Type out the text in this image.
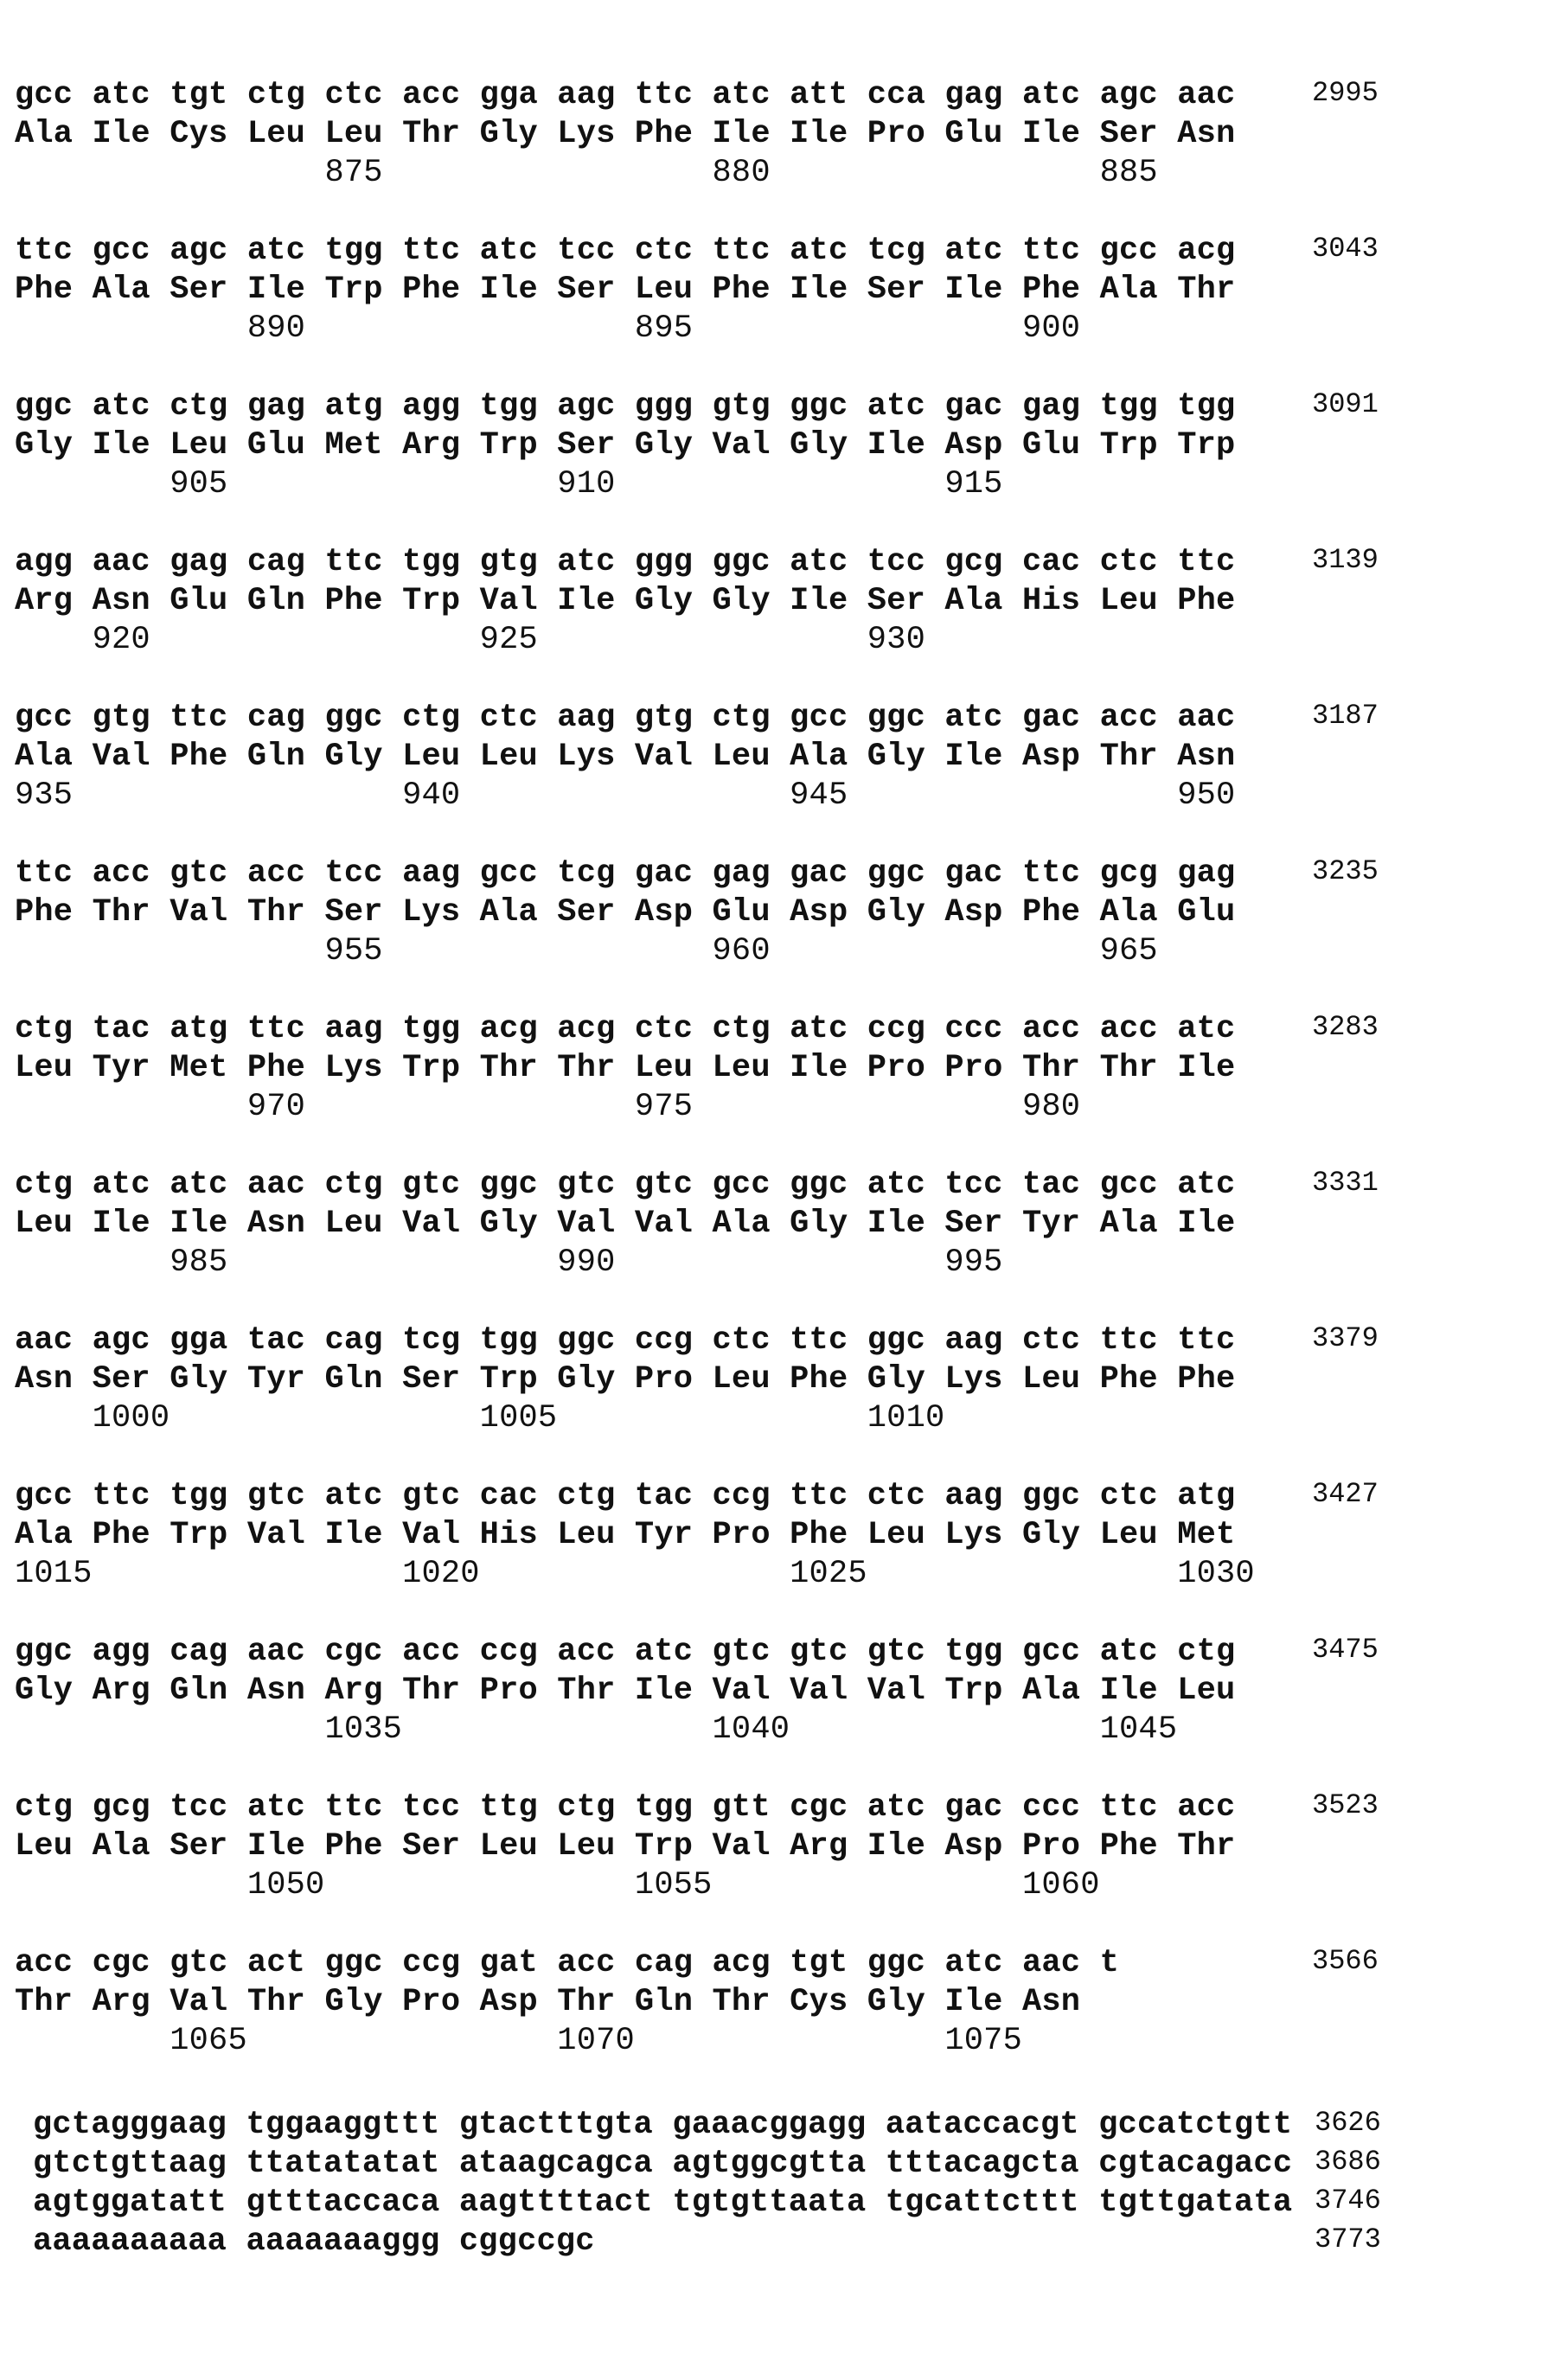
gcc atc tgt ctg ctc acc gga aag ttc atc att cca gag atc agc aac
Ala Ile Cys Leu Leu Thr Gly Lys Phe Ile Ile Pro Glu Ile Ser Asn
875                 880                 885
2995
ttc gcc agc atc tgg ttc atc tcc ctc ttc atc tcg atc ttc gcc acg
Phe Ala Ser Ile Trp Phe Ile Ser Leu Phe Ile Ser Ile Phe Ala Thr
890                 895                 900
3043
ggc atc ctg gag atg agg tgg agc ggg gtg ggc atc gac gag tgg tgg
Gly Ile Leu Glu Met Arg Trp Ser Gly Val Gly Ile Asp Glu Trp Trp
905                 910                 915
3091
agg aac gag cag ttc tgg gtg atc ggg ggc atc tcc gcg cac ctc ttc
Arg Asn Glu Gln Phe Trp Val Ile Gly Gly Ile Ser Ala His Leu Phe
920                 925                 930
3139
gcc gtg ttc cag ggc ctg ctc aag gtg ctg gcc ggc atc gac acc aac
Ala Val Phe Gln Gly Leu Leu Lys Val Leu Ala Gly Ile Asp Thr Asn
935                 940                 945                 950
3187
ttc acc gtc acc tcc aag gcc tcg gac gag gac ggc gac ttc gcg gag
Phe Thr Val Thr Ser Lys Ala Ser Asp Glu Asp Gly Asp Phe Ala Glu
955                 960                 965
3235
ctg tac atg ttc aag tgg acg acg ctc ctg atc ccg ccc acc acc atc
Leu Tyr Met Phe Lys Trp Thr Thr Leu Leu Ile Pro Pro Thr Thr Ile
970                 975                 980
3283
ctg atc atc aac ctg gtc ggc gtc gtc gcc ggc atc tcc tac gcc atc
Leu Ile Ile Asn Leu Val Gly Val Val Ala Gly Ile Ser Tyr Ala Ile
985                 990                 995
3331
aac agc gga tac cag tcg tgg ggc ccg ctc ttc ggc aag ctc ttc ttc
Asn Ser Gly Tyr Gln Ser Trp Gly Pro Leu Phe Gly Lys Leu Phe Phe
1000                1005                1010
3379
gcc ttc tgg gtc atc gtc cac ctg tac ccg ttc ctc aag ggc ctc atg
Ala Phe Trp Val Ile Val His Leu Tyr Pro Phe Leu Lys Gly Leu Met
1015                1020                1025                1030
3427
ggc agg cag aac cgc acc ccg acc atc gtc gtc gtc tgg gcc atc ctg
Gly Arg Gln Asn Arg Thr Pro Thr Ile Val Val Val Trp Ala Ile Leu
1035                1040                1045
3475
ctg gcg tcc atc ttc tcc ttg ctg tgg gtt cgc atc gac ccc ttc acc
Leu Ala Ser Ile Phe Ser Leu Leu Trp Val Arg Ile Asp Pro Phe Thr
1050                1055                1060
3523
acc cgc gtc act ggc ccg gat acc cag acg tgt ggc atc aac t
Thr Arg Val Thr Gly Pro Asp Thr Gln Thr Cys Gly Ile Asn
1065                1070                1075
3566
gctagggaag tggaaggttt gtactttgta gaaacggagg aataccacgt gccatctgtt 3626
gtctgttaag ttatatatat ataagcagca agtggcgtta tttacagcta cgtacagacc 3686
agtggatatt gtttaccaca aagttttact tgtgttaata tgcattcttt tgttgatata 3746
aaaaaaaaaa aaaaaaaggg cggccgc	3773
